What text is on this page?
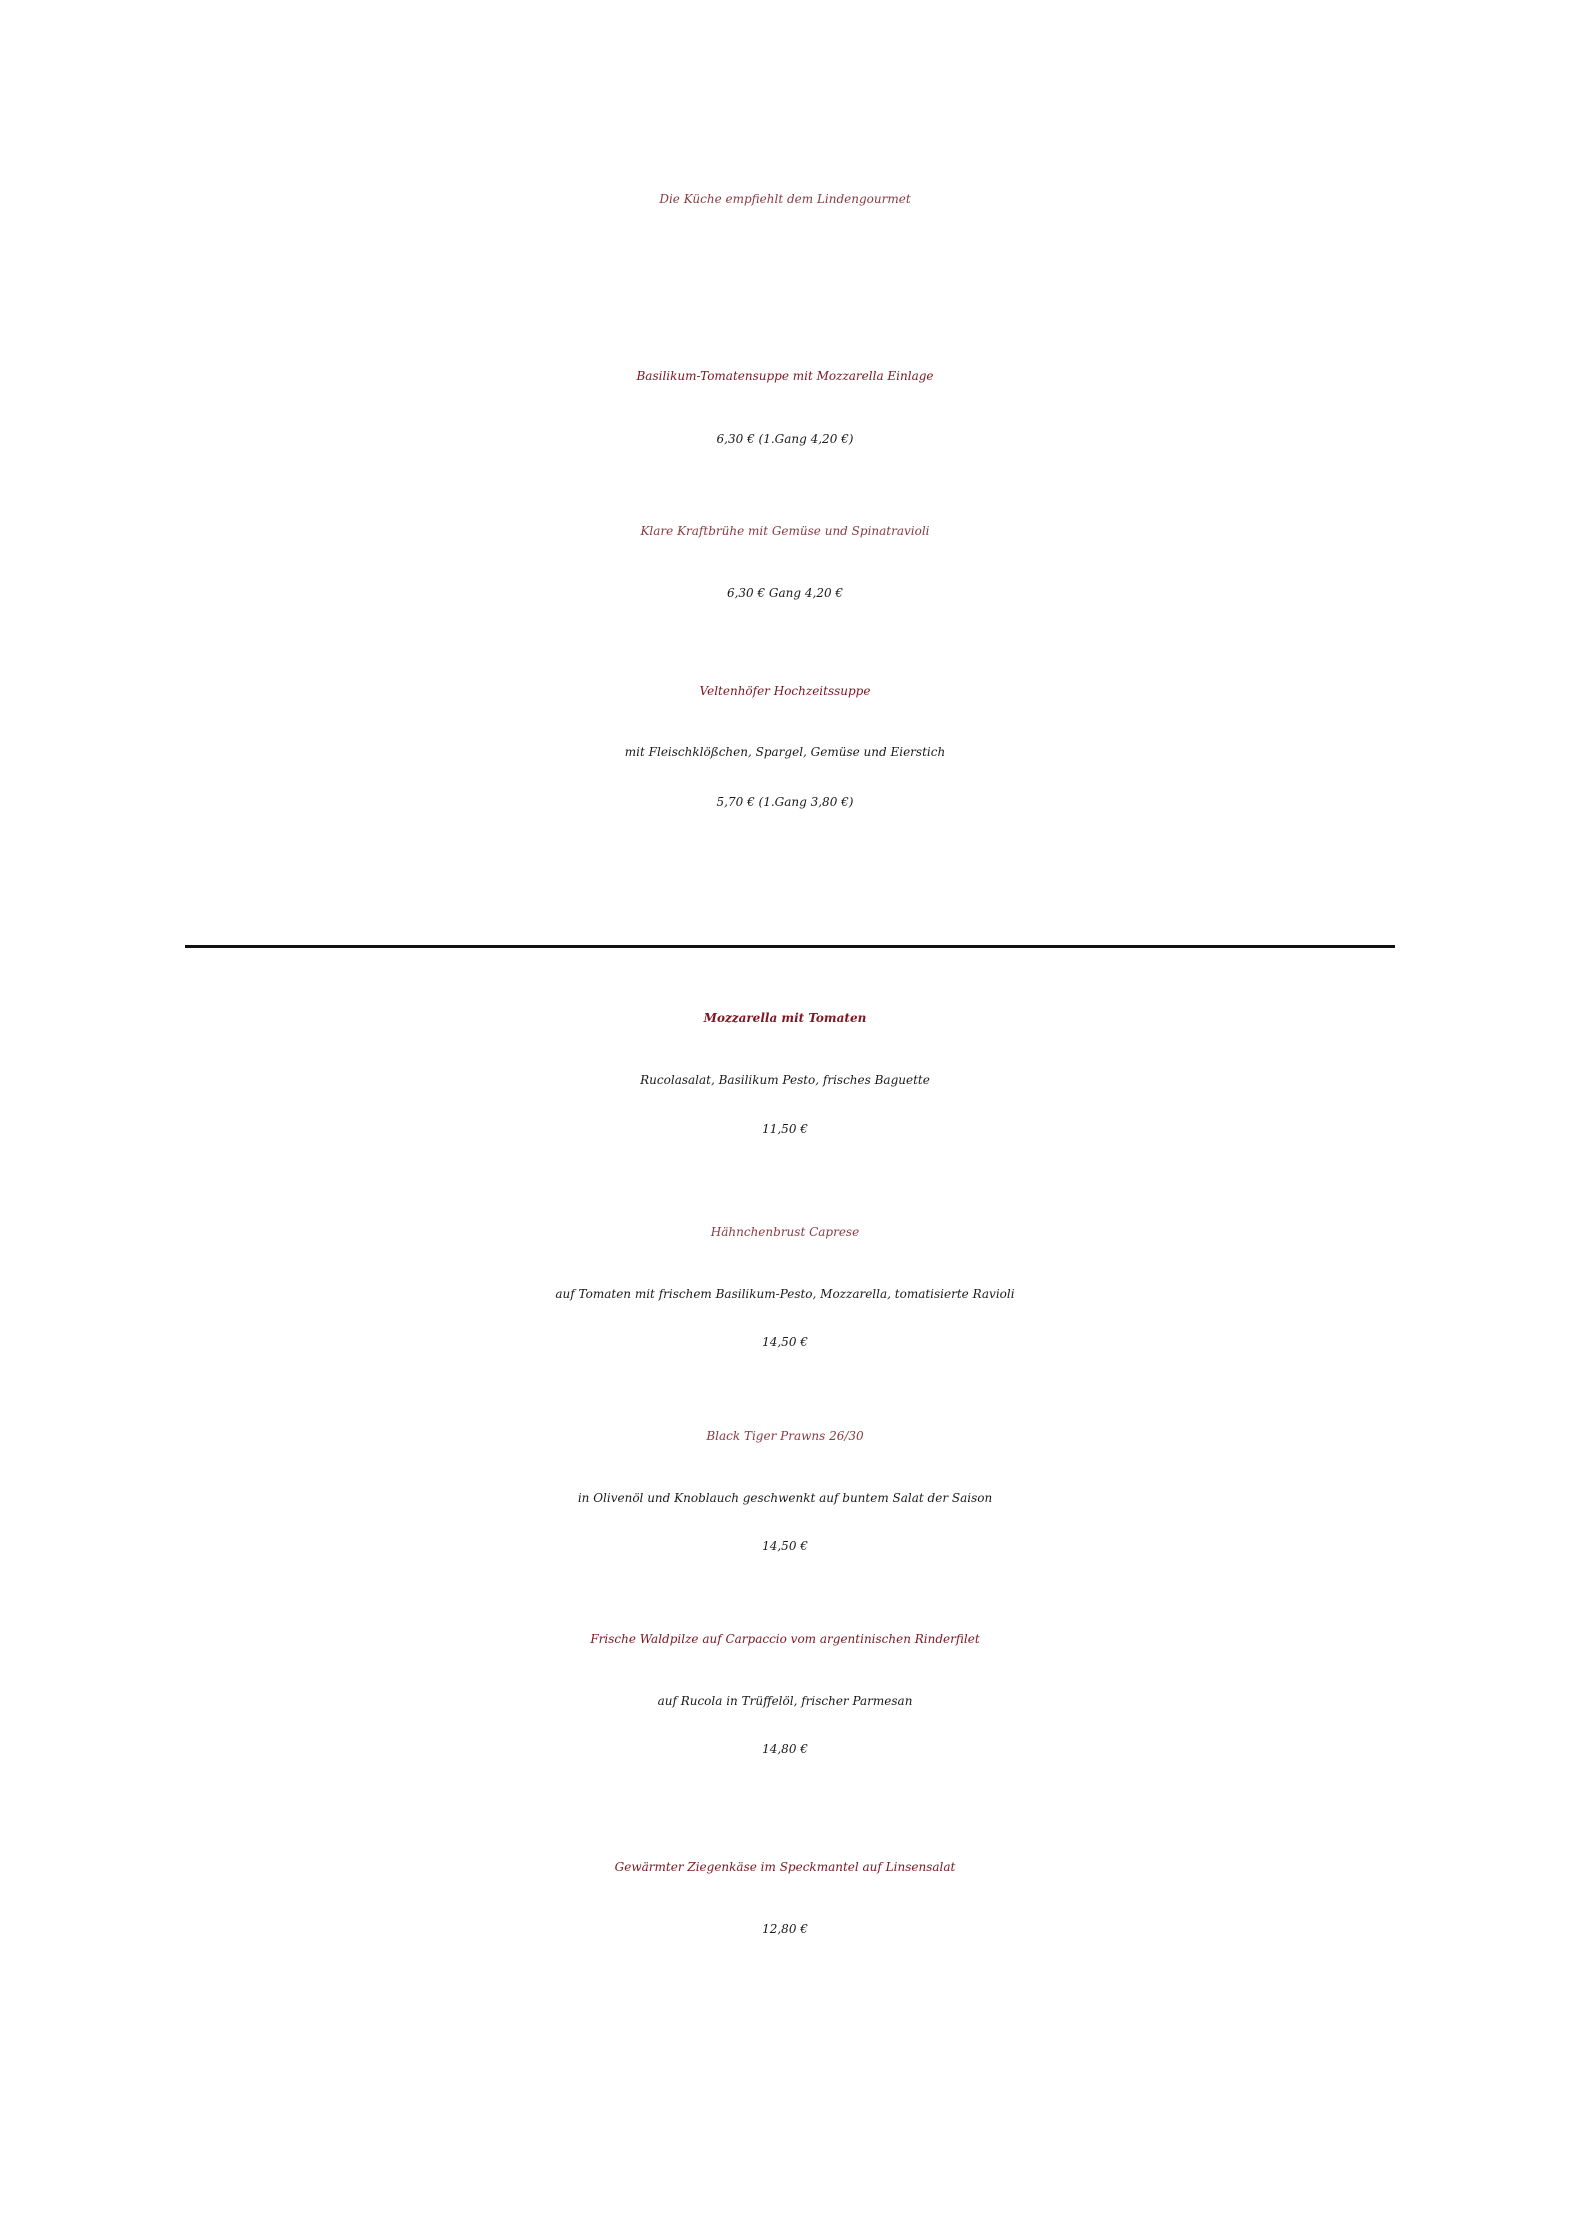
Die Küche empfiehlt dem Lindengourmet
Basilikum-Tomatensuppe mit Mozzarella Einlage
6,30 € (1.Gang 4,20 €)
Klare Kraftbrühe mit Gemüse und Spinatravioli
6,30 € Gang 4,20 €
Veltenhöfer Hochzeitssuppe
mit Fleischklößchen, Spargel, Gemüse und Eierstich
5,70 € (1.Gang 3,80 €)
Mozzarella mit Tomaten
Rucolasalat, Basilikum Pesto, frisches Baguette
11,50 €
Hähnchenbrust Caprese
auf Tomaten mit frischem Basilikum-Pesto, Mozzarella, tomatisierte Ravioli
14,50 €
Black Tiger Prawns 26/30
in Olivenöl und Knoblauch geschwenkt auf buntem Salat der Saison
14,50 €
Frische Waldpilze auf Carpaccio vom argentinischen Rinderfilet
auf Rucola in Trüffelöl, frischer Parmesan
14,80 €
Gewärmter Ziegenkäse im Speckmantel auf Linsensalat
12,80 €
